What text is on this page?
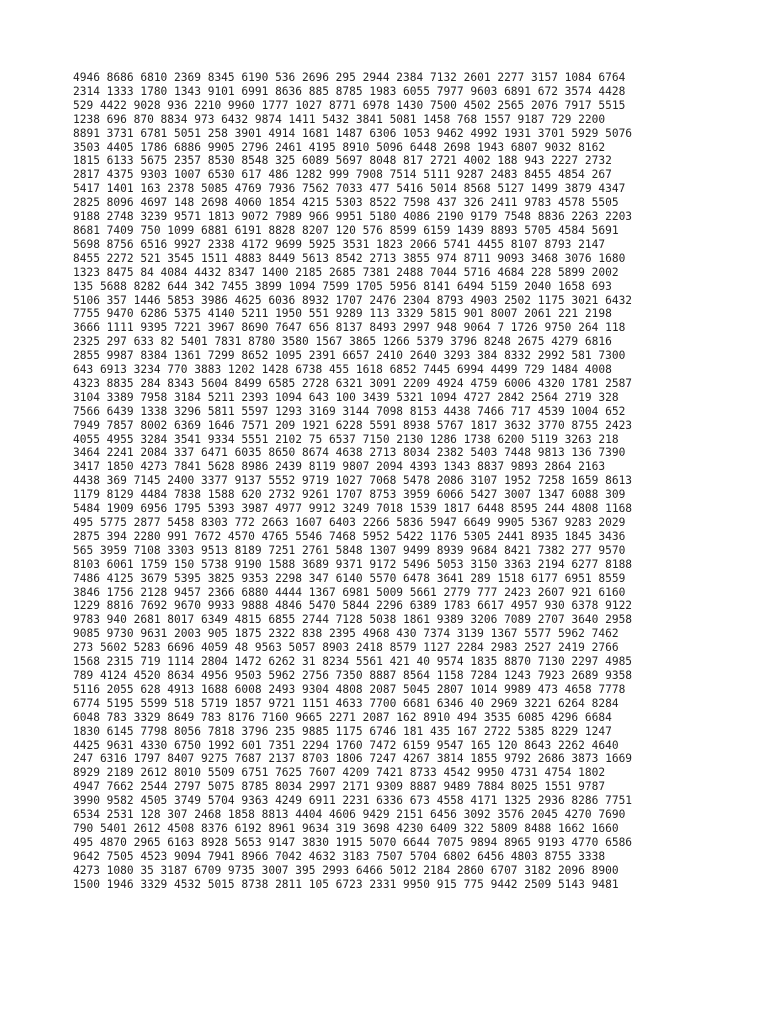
4946 8686 6810 2369 8345 6190 536 2696 295 2944 2384 7132 2601 2277 3157 1084 6764
2314 1333 1780 1343 9101 6991 8636 885 8785 1983 6055 7977 9603 6891 672 3574 4428
529 4422 9028 936 2210 9960 1777 1027 8771 6978 1430 7500 4502 2565 2076 7917 5515
1238 696 870 8834 973 6432 9874 1411 5432 3841 5081 1458 768 1557 9187 729 2200
8891 3731 6781 5051 258 3901 4914 1681 1487 6306 1053 9462 4992 1931 3701 5929 5076
3503 4405 1786 6886 9905 2796 2461 4195 8910 5096 6448 2698 1943 6807 9032 8162
1815 6133 5675 2357 8530 8548 325 6089 5697 8048 817 2721 4002 188 943 2227 2732
2817 4375 9303 1007 6530 617 486 1282 999 7908 7514 5111 9287 2483 8455 4854 267
5417 1401 163 2378 5085 4769 7936 7562 7033 477 5416 5014 8568 5127 1499 3879 4347
2825 8096 4697 148 2698 4060 1854 4215 5303 8522 7598 437 326 2411 9783 4578 5505
9188 2748 3239 9571 1813 9072 7989 966 9951 5180 4086 2190 9179 7548 8836 2263 2203
8681 7409 750 1099 6881 6191 8828 8207 120 576 8599 6159 1439 8893 5705 4584 5691
5698 8756 6516 9927 2338 4172 9699 5925 3531 1823 2066 5741 4455 8107 8793 2147
8455 2272 521 3545 1511 4883 8449 5613 8542 2713 3855 974 8711 9093 3468 3076 1680
1323 8475 84 4084 4432 8347 1400 2185 2685 7381 2488 7044 5716 4684 228 5899 2002
135 5688 8282 644 342 7455 3899 1094 7599 1705 5956 8141 6494 5159 2040 1658 693
5106 357 1446 5853 3986 4625 6036 8932 1707 2476 2304 8793 4903 2502 1175 3021 6432
7755 9470 6286 5375 4140 5211 1950 551 9289 113 3329 5815 901 8007 2061 221 2198
3666 1111 9395 7221 3967 8690 7647 656 8137 8493 2997 948 9064 7 1726 9750 264 118
2325 297 633 82 5401 7831 8780 3580 1567 3865 1266 5379 3796 8248 2675 4279 6816
2855 9987 8384 1361 7299 8652 1095 2391 6657 2410 2640 3293 384 8332 2992 581 7300
643 6913 3234 770 3883 1202 1428 6738 455 1618 6852 7445 6994 4499 729 1484 4008
4323 8835 284 8343 5604 8499 6585 2728 6321 3091 2209 4924 4759 6006 4320 1781 2587
3104 3389 7958 3184 5211 2393 1094 643 100 3439 5321 1094 4727 2842 2564 2719 328
7566 6439 1338 3296 5811 5597 1293 3169 3144 7098 8153 4438 7466 717 4539 1004 652
7949 7857 8002 6369 1646 7571 209 1921 6228 5591 8938 5767 1817 3632 3770 8755 2423
4055 4955 3284 3541 9334 5551 2102 75 6537 7150 2130 1286 1738 6200 5119 3263 218
3464 2241 2084 337 6471 6035 8650 8674 4638 2713 8034 2382 5403 7448 9813 136 7390
3417 1850 4273 7841 5628 8986 2439 8119 9807 2094 4393 1343 8837 9893 2864 2163
4438 369 7145 2400 3377 9137 5552 9719 1027 7068 5478 2086 3107 1952 7258 1659 8613
1179 8129 4484 7838 1588 620 2732 9261 1707 8753 3959 6066 5427 3007 1347 6088 309
5484 1909 6956 1795 5393 3987 4977 9912 3249 7018 1539 1817 6448 8595 244 4808 1168
495 5775 2877 5458 8303 772 2663 1607 6403 2266 5836 5947 6649 9905 5367 9283 2029
2875 394 2280 991 7672 4570 4765 5546 7468 5952 5422 1176 5305 2441 8935 1845 3436
565 3959 7108 3303 9513 8189 7251 2761 5848 1307 9499 8939 9684 8421 7382 277 9570
8103 6061 1759 150 5738 9190 1588 3689 9371 9172 5496 5053 3150 3363 2194 6277 8188
7486 4125 3679 5395 3825 9353 2298 347 6140 5570 6478 3641 289 1518 6177 6951 8559
3846 1756 2128 9457 2366 6880 4444 1367 6981 5009 5661 2779 777 2423 2607 921 6160
1229 8816 7692 9670 9933 9888 4846 5470 5844 2296 6389 1783 6617 4957 930 6378 9122
9783 940 2681 8017 6349 4815 6855 2744 7128 5038 1861 9389 3206 7089 2707 3640 2958
9085 9730 9631 2003 905 1875 2322 838 2395 4968 430 7374 3139 1367 5577 5962 7462
273 5602 5283 6696 4059 48 9563 5057 8903 2418 8579 1127 2284 2983 2527 2419 2766
1568 2315 719 1114 2804 1472 6262 31 8234 5561 421 40 9574 1835 8870 7130 2297 4985
789 4124 4520 8634 4956 9503 5962 2756 7350 8887 8564 1158 7284 1243 7923 2689 9358
5116 2055 628 4913 1688 6008 2493 9304 4808 2087 5045 2807 1014 9989 473 4658 7778
6774 5195 5599 518 5719 1857 9721 1151 4633 7700 6681 6346 40 2969 3221 6264 8284
6048 783 3329 8649 783 8176 7160 9665 2271 2087 162 8910 494 3535 6085 4296 6684
1830 6145 7798 8056 7818 3796 235 9885 1175 6746 181 435 167 2722 5385 8229 1247
4425 9631 4330 6750 1992 601 7351 2294 1760 7472 6159 9547 165 120 8643 2262 4640
247 6316 1797 8407 9275 7687 2137 8703 1806 7247 4267 3814 1855 9792 2686 3873 1669
8929 2189 2612 8010 5509 6751 7625 7607 4209 7421 8733 4542 9950 4731 4754 1802
4947 7662 2544 2797 5075 8785 8034 2997 2171 9309 8887 9489 7884 8025 1551 9787
3990 9582 4505 3749 5704 9363 4249 6911 2231 6336 673 4558 4171 1325 2936 8286 7751
6534 2531 128 307 2468 1858 8813 4404 4606 9429 2151 6456 3092 3576 2045 4270 7690
790 5401 2612 4508 8376 6192 8961 9634 319 3698 4230 6409 322 5809 8488 1662 1660
495 4870 2965 6163 8928 5653 9147 3830 1915 5070 6644 7075 9894 8965 9193 4770 6586
9642 7505 4523 9094 7941 8966 7042 4632 3183 7507 5704 6802 6456 4803 8755 3338
4273 1080 35 3187 6709 9735 3007 395 2993 6466 5012 2184 2860 6707 3182 2096 8900
1500 1946 3329 4532 5015 8738 2811 105 6723 2331 9950 915 775 9442 2509 5143 9481
